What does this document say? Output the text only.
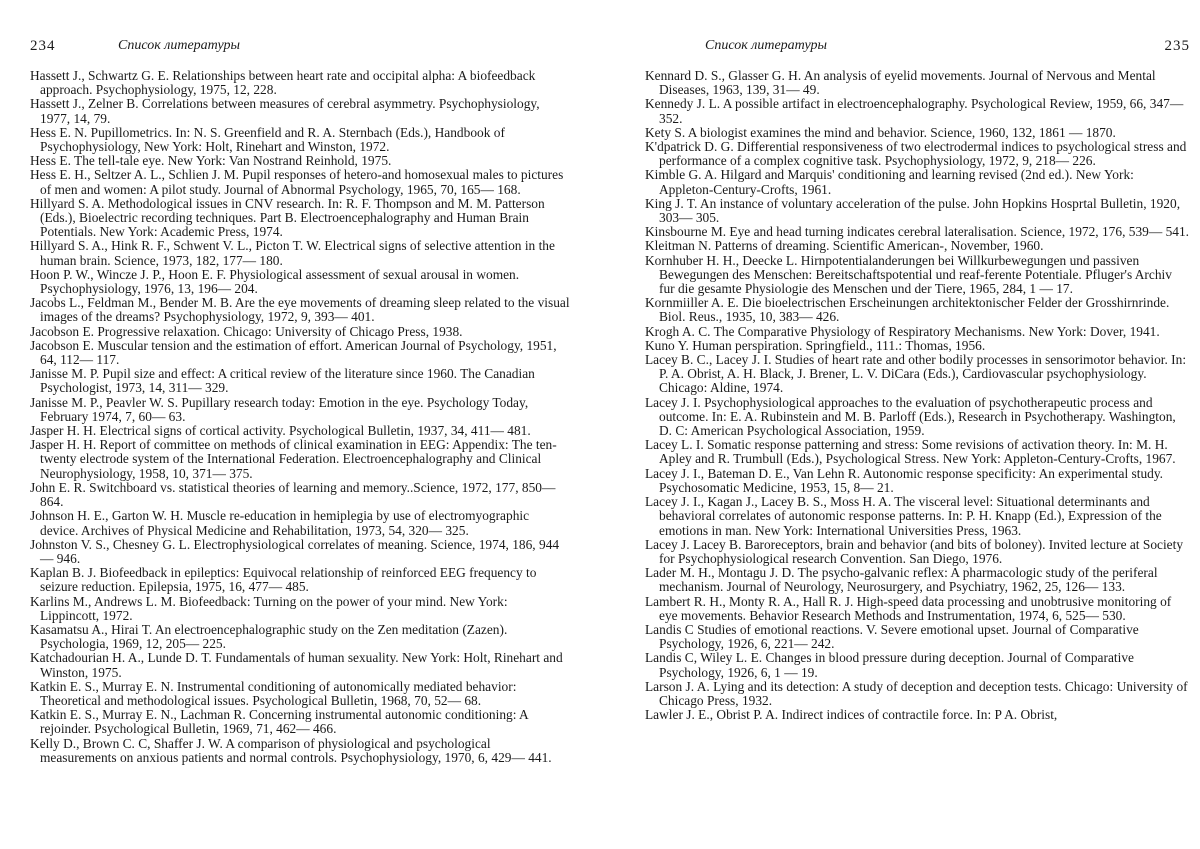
234	Список литературы

Hassett J., Schwartz G. E. Relationships between heart rate and occipital alpha: A biofeedback approach. Psychophysiology, 1975, 12, 228.

Hassett J., Zelner B. Correlations between measures of cerebral asymmetry. Psychophysiology, 1977, 14, 79.

Hess E. N. Pupillometrics. In: N. S. Greenfield and R. A. Sternbach (Eds.), Handbook of Psychophysiology, New York: Holt, Rinehart and Winston, 1972.

Hess E. The tell-tale eye. New York: Van Nostrand Reinhold, 1975.

Hess E. H., Seltzer A. L., Schlien J. M. Pupil responses of hetero-and homosexual males to pictures of men and women: A pilot study. Journal of Abnormal Psychology, 1965, 70, 165— 168.

Hillyard S. A. Methodological issues in CNV research. In: R. F. Thompson and M. M. Patterson (Eds.), Bioelectric recording techniques. Part B. Electroencephalography and Human Brain Potentials. New York: Academic Press, 1974.

Hillyard S. A., Hink R. F., Schwent V. L., Picton T. W. Electrical signs of selective attention in the human brain. Science, 1973, 182, 177— 180.

Hoon P. W., Wincze J. P., Hoon E. F. Physiological assessment of sexual arousal in women. Psychophysiology, 1976, 13, 196— 204.

Jacobs L., Feldman M., Bender M. B. Are the eye movements of dreaming sleep related to the visual images of the dreams? Psychophysiology, 1972, 9, 393— 401.

Jacobson E. Progressive relaxation. Chicago: University of Chicago Press, 1938.

Jacobson E. Muscular tension and the estimation of effort. American Journal of Psychology, 1951, 64, 112— 117.

Janisse M. P. Pupil size and effect: A critical review of the literature since 1960. The Canadian Psychologist, 1973, 14, 311— 329.

Janisse M. P., Peavler W. S. Pupillary research today: Emotion in the eye. Psychology Today, February 1974, 7, 60— 63.

Jasper H. H. Electrical signs of cortical activity. Psychological Bulletin, 1937, 34, 411— 481.

Jasper H. H. Report of committee on methods of clinical examination in EEG: Appendix: The ten-twenty electrode system of the International Federation. Electroencephalography and Clinical Neurophysiology, 1958, 10, 371— 375.

John E. R. Switchboard vs. statistical theories of learning and memory..Science, 1972, 177, 850— 864.

Johnson H. E., Garton W. H. Muscle re-education in hemiplegia by use of electromyographic device. Archives of Physical Medicine and Rehabilitation, 1973, 54, 320— 325.

Johnston V. S., Chesney G. L. Electrophysiological correlates of meaning. Science, 1974, 186, 944— 946.

Kaplan B. J. Biofeedback in epileptics: Equivocal relationship of reinforced EEG frequency to seizure reduction. Epilepsia, 1975, 16, 477— 485.

Karlins M., Andrews L. M. Biofeedback: Turning on the power of your mind. New York: Lippincott, 1972.

Kasamatsu A., Hirai T. An electroencephalographic study on the Zen meditation (Zazen). Psychologia, 1969, 12, 205— 225.

Katchadourian H. A., Lunde D. T. Fundamentals of human sexuality. New York: Holt, Rinehart and Winston, 1975.

Katkin E. S., Murray E. N. Instrumental conditioning of autonomically mediated behavior: Theoretical and methodological issues. Psychological Bulletin, 1968, 70, 52— 68.

Katkin E. S., Murray E. N., Lachman R. Concerning instrumental autonomic conditioning: A rejoinder. Psychological Bulletin, 1969, 71, 462— 466.

Kelly D., Brown C. C, Shaffer J. W. A comparison of physiological and psychological measurements on anxious patients and normal controls. Psychophysiology, 1970, 6, 429— 441.

Список литературы	235

Kennard D. S., Glasser G. H. An analysis of eyelid movements. Journal of Nervous and Mental Diseases, 1963, 139, 31— 49.

Kennedy J. L. A possible artifact in electroencephalography. Psychological Review, 1959, 66, 347— 352.

Kety S. A biologist examines the mind and behavior. Science, 1960, 132, 1861 — 1870.

K'dpatrick D. G. Differential responsiveness of two electrodermal indices to psychological stress and performance of a complex cognitive task. Psychophysiology, 1972, 9, 218— 226.

Kimble G. A. Hilgard and Marquis' conditioning and learning revised (2nd ed.). New York: Appleton-Century-Crofts, 1961.

King J. T. An instance of voluntary acceleration of the pulse. John Hopkins Hosprtal Bulletin, 1920, 303— 305.

Kinsbourne M. Eye and head turning indicates cerebral lateralisation. Science, 1972, 176, 539— 541.

Kleitman N. Patterns of dreaming. Scientific American-, November, 1960.

Kornhuber H. H., Deecke L. Hirnpotentialanderungen bei Willkurbewegungen und passiven Bewegungen des Menschen: Bereitschaftspotential und reaf-ferente Potentiale. Pfluger's Archiv fur die gesamte Physiologie des Menschen und der Tiere, 1965, 284, 1 — 17.

Kornmiiller A. E. Die bioelectrischen Erscheinungen architektonischer Felder der Grosshirnrinde. Biol. Reus., 1935, 10, 383— 426.

Krogh A. C. The Comparative Physiology of Respiratory Mechanisms. New York: Dover, 1941.

Kuno Y. Human perspiration. Springfield., 111.: Thomas, 1956.

Lacey B. C., Lacey J. I. Studies of heart rate and other bodily processes in sensorimotor behavior. In: P. A. Obrist, A. H. Black, J. Brener, L. V. DiCara (Eds.), Cardiovascular psychophysiology. Chicago: Aldine, 1974.

Lacey J. I. Psychophysiological approaches to the evaluation of psychotherapeutic process and outcome. In: E. A. Rubinstein and M. B. Parloff (Eds.), Research in Psychotherapy. Washington, D. C: American Psychological Association, 1959.

Lacey L. I. Somatic response patterning and stress: Some revisions of activation theory. In: M. H. Apley and R. Trumbull (Eds.), Psychological Stress. New York: Appleton-Century-Crofts, 1967.

Lacey J. I., Bateman D. E., Van Lehn R. Autonomic response specificity: An experimental study. Psychosomatic Medicine, 1953, 15, 8— 21.

Lacey J. I., Kagan J., Lacey B. S., Moss H. A. The visceral level: Situational determinants and behavioral correlates of autonomic response patterns. In: P. H. Knapp (Ed.), Expression of the emotions in man. New York: International Universities Press, 1963.

Lacey J. Lacey B. Baroreceptors, brain and behavior (and bits of boloney). Invited lecture at Society for Psychophysiological research Convention. San Diego, 1976.

Lader M. H., Montagu J. D. The psycho-galvanic reflex: A pharmacologic study of the periferal mechanism. Journal of Neurology, Neurosurgery, and Psychiatry, 1962, 25, 126— 133.

Lambert R. H., Monty R. A., Hall R. J. High-speed data processing and unobtrusive monitoring of eye movements. Behavior Research Methods and Instrumentation, 1974, 6, 525— 530.

Landis C Studies of emotional reactions. V. Severe emotional upset. Journal of Comparative Psychology, 1926, 6, 221— 242.

Landis C, Wiley L. E. Changes in blood pressure during deception. Journal of Comparative Psychology, 1926, 6, 1 — 19.

Larson J. A. Lying and its detection: A study of deception and deception tests. Chicago: University of Chicago Press, 1932.

Lawler J. E., Obrist P. A. Indirect indices of contractile force. In: P A. Obrist,
